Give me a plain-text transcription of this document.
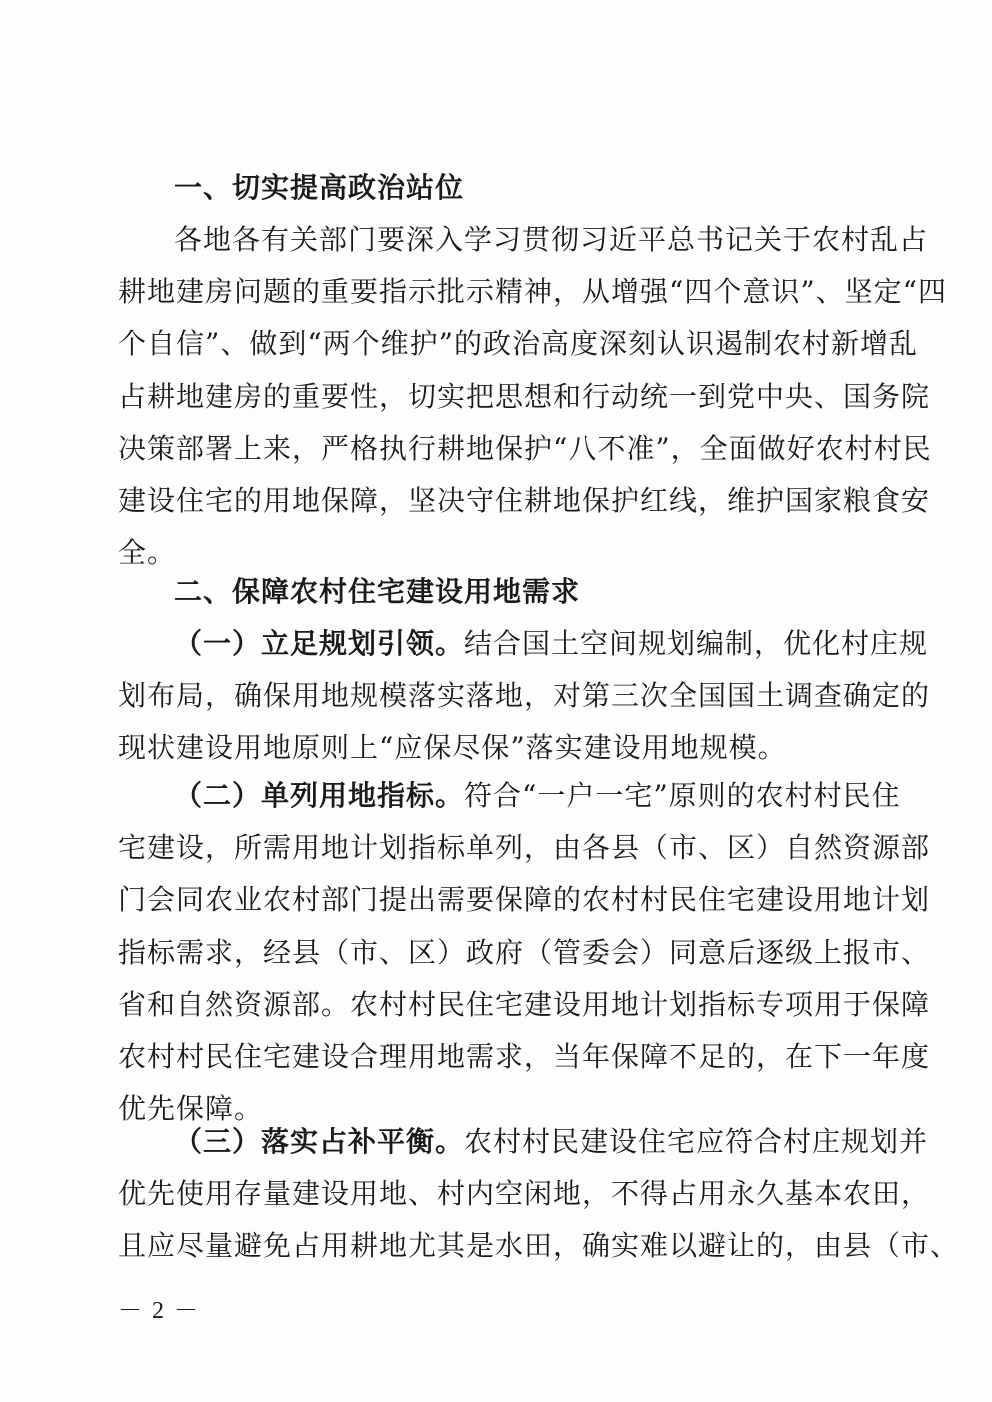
一、切实提高政治站位
各地各有关部门要深入学习贯彻习近平总书记关于农村乱占
耕地建房问题的重要指示批示精神，从增强“四个意识”、坚定“四
个自信”、做到“两个维护”的政治高度深刻认识遏制农村新增乱
占耕地建房的重要性，切实把思想和行动统一到党中央、国务院
决策部署上来，严格执行耕地保护“八不准”，全面做好农村村民
建设住宅的用地保障，坚决守住耕地保护红线，维护国家粮食安
全。
二、保障农村住宅建设用地需求
（一）立足规划引领。结合国土空间规划编制，优化村庄规
划布局，确保用地规模落实落地，对第三次全国国土调查确定的
现状建设用地原则上“应保尽保”落实建设用地规模。
（二）单列用地指标。符合“一户一宅”原则的农村村民住
宅建设，所需用地计划指标单列，由各县（市、区）自然资源部
门会同农业农村部门提出需要保障的农村村民住宅建设用地计划
指标需求，经县（市、区）政府（管委会）同意后逐级上报市、
省和自然资源部。农村村民住宅建设用地计划指标专项用于保障
农村村民住宅建设合理用地需求，当年保障不足的，在下一年度
优先保障。
（三）落实占补平衡。农村村民建设住宅应符合村庄规划并
优先使用存量建设用地、村内空闲地，不得占用永久基本农田，
且应尽量避免占用耕地尤其是水田，确实难以避让的，由县（市、
－ 2 －
